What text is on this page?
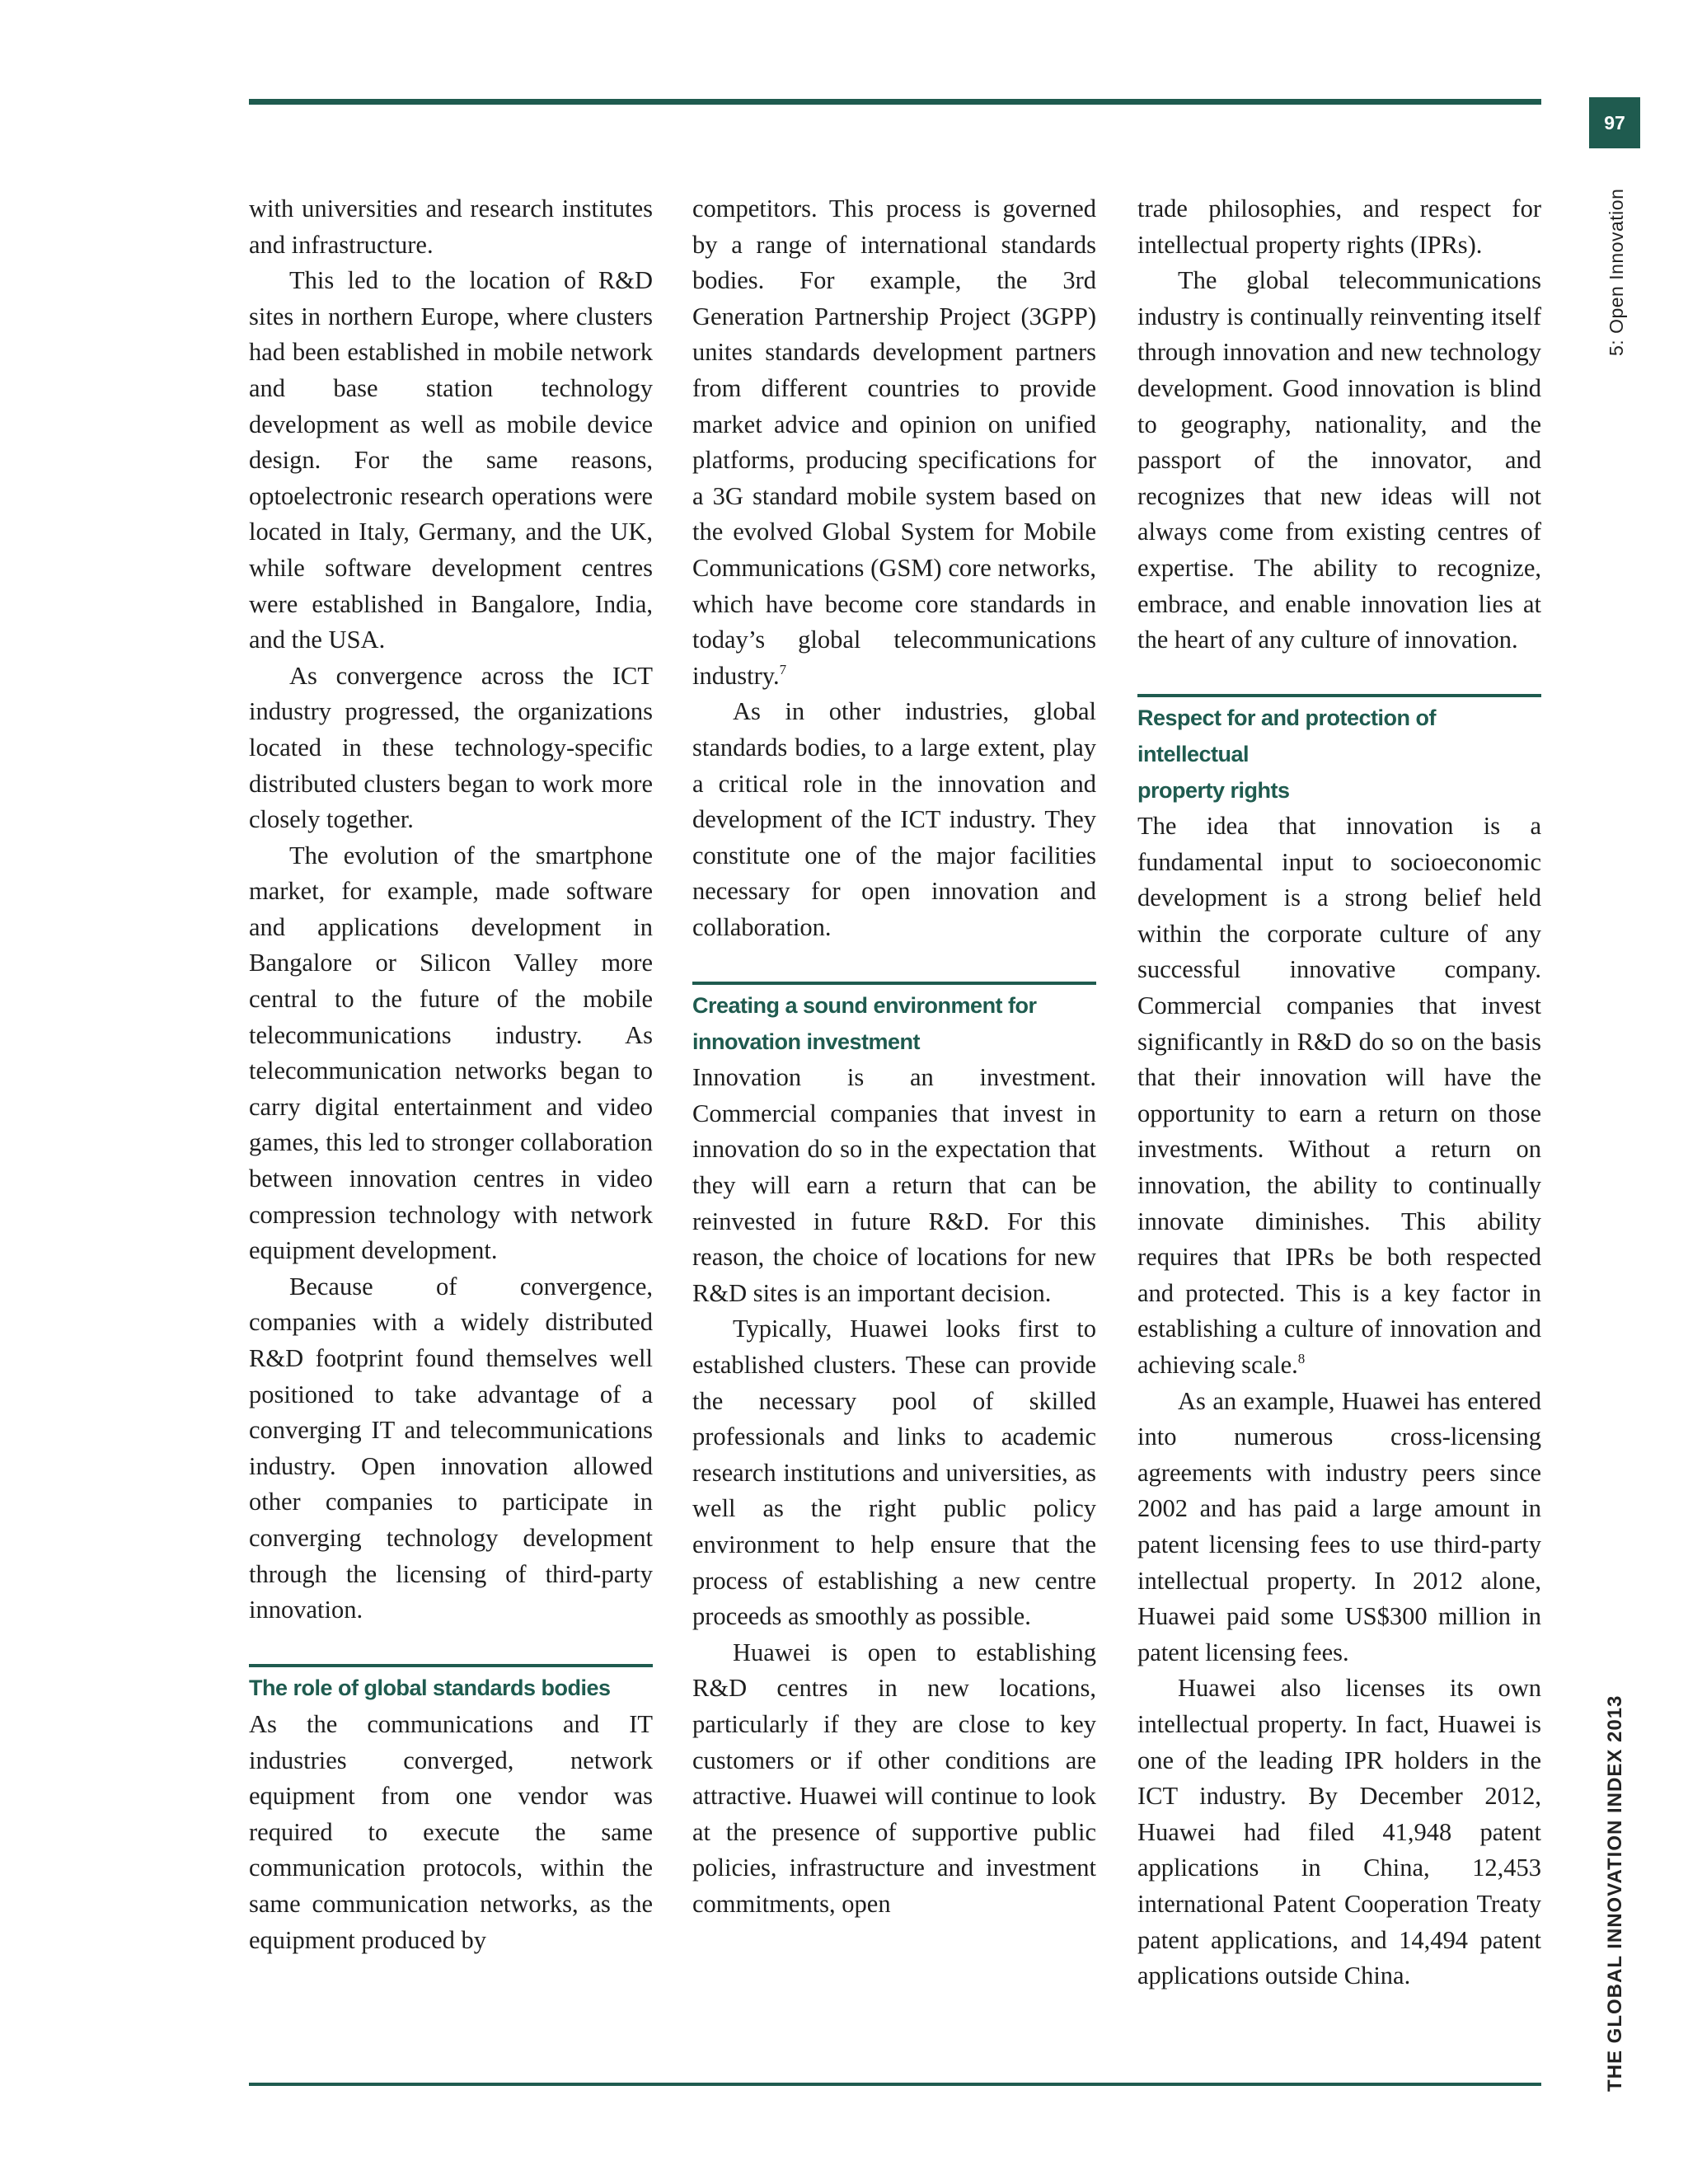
97
5: Open Innovation
THE GLOBAL INNOVATION INDEX 2013

with universities and research institutes and infrastructure.

This led to the location of R&D sites in northern Europe, where clusters had been established in mobile network and base station technology development as well as mobile device design. For the same reasons, optoelectronic research operations were located in Italy, Germany, and the UK, while software development centres were established in Bangalore, India, and the USA.

As convergence across the ICT industry progressed, the organizations located in these technology-specific distributed clusters began to work more closely together.

The evolution of the smartphone market, for example, made software and applications development in Bangalore or Silicon Valley more central to the future of the mobile telecommunications industry. As telecommunication networks began to carry digital entertainment and video games, this led to stronger collaboration between innovation centres in video compression technology with network equipment development.

Because of convergence, companies with a widely distributed R&D footprint found themselves well positioned to take advantage of a converging IT and telecommunications industry. Open innovation allowed other companies to participate in converging technology development through the licensing of third-party innovation.

The role of global standards bodies

As the communications and IT industries converged, network equipment from one vendor was required to execute the same communication protocols, within the same communication networks, as the equipment produced by

competitors. This process is governed by a range of international standards bodies. For example, the 3rd Generation Partnership Project (3GPP) unites standards development partners from different countries to provide market advice and opinion on unified platforms, producing specifications for a 3G standard mobile system based on the evolved Global System for Mobile Communications (GSM) core networks, which have become core standards in today’s global telecommunications industry.$^7$

As in other industries, global standards bodies, to a large extent, play a critical role in the innovation and development of the ICT industry. They constitute one of the major facilities necessary for open innovation and collaboration.

Creating a sound environment for
innovation investment

Innovation is an investment. Commercial companies that invest in innovation do so in the expectation that they will earn a return that can be reinvested in future R&D. For this reason, the choice of locations for new R&D sites is an important decision.

Typically, Huawei looks first to established clusters. These can provide the necessary pool of skilled professionals and links to academic research institutions and universities, as well as the right public policy environment to help ensure that the process of establishing a new centre proceeds as smoothly as possible.

Huawei is open to establishing R&D centres in new locations, particularly if they are close to key customers or if other conditions are attractive. Huawei will continue to look at the presence of supportive public policies, infrastructure and investment commitments, open

trade philosophies, and respect for intellectual property rights (IPRs).

The global telecommunications industry is continually reinventing itself through innovation and new technology development. Good innovation is blind to geography, nationality, and the passport of the innovator, and recognizes that new ideas will not always come from existing centres of expertise. The ability to recognize, embrace, and enable innovation lies at the heart of any culture of innovation.

Respect for and protection of intellectual
property rights

The idea that innovation is a fundamental input to socioeconomic development is a strong belief held within the corporate culture of any successful innovative company. Commercial companies that invest significantly in R&D do so on the basis that their innovation will have the opportunity to earn a return on those investments. Without a return on innovation, the ability to continually innovate diminishes. This ability requires that IPRs be both respected and protected. This is a key factor in establishing a culture of innovation and achieving scale.$^8$

As an example, Huawei has entered into numerous cross-licensing agreements with industry peers since 2002 and has paid a large amount in patent licensing fees to use third-party intellectual property. In 2012 alone, Huawei paid some US$300 million in patent licensing fees.

Huawei also licenses its own intellectual property. In fact, Huawei is one of the leading IPR holders in the ICT industry. By December 2012, Huawei had filed 41,948 patent applications in China, 12,453 international Patent Cooperation Treaty patent applications, and 14,494 patent applications outside China.
